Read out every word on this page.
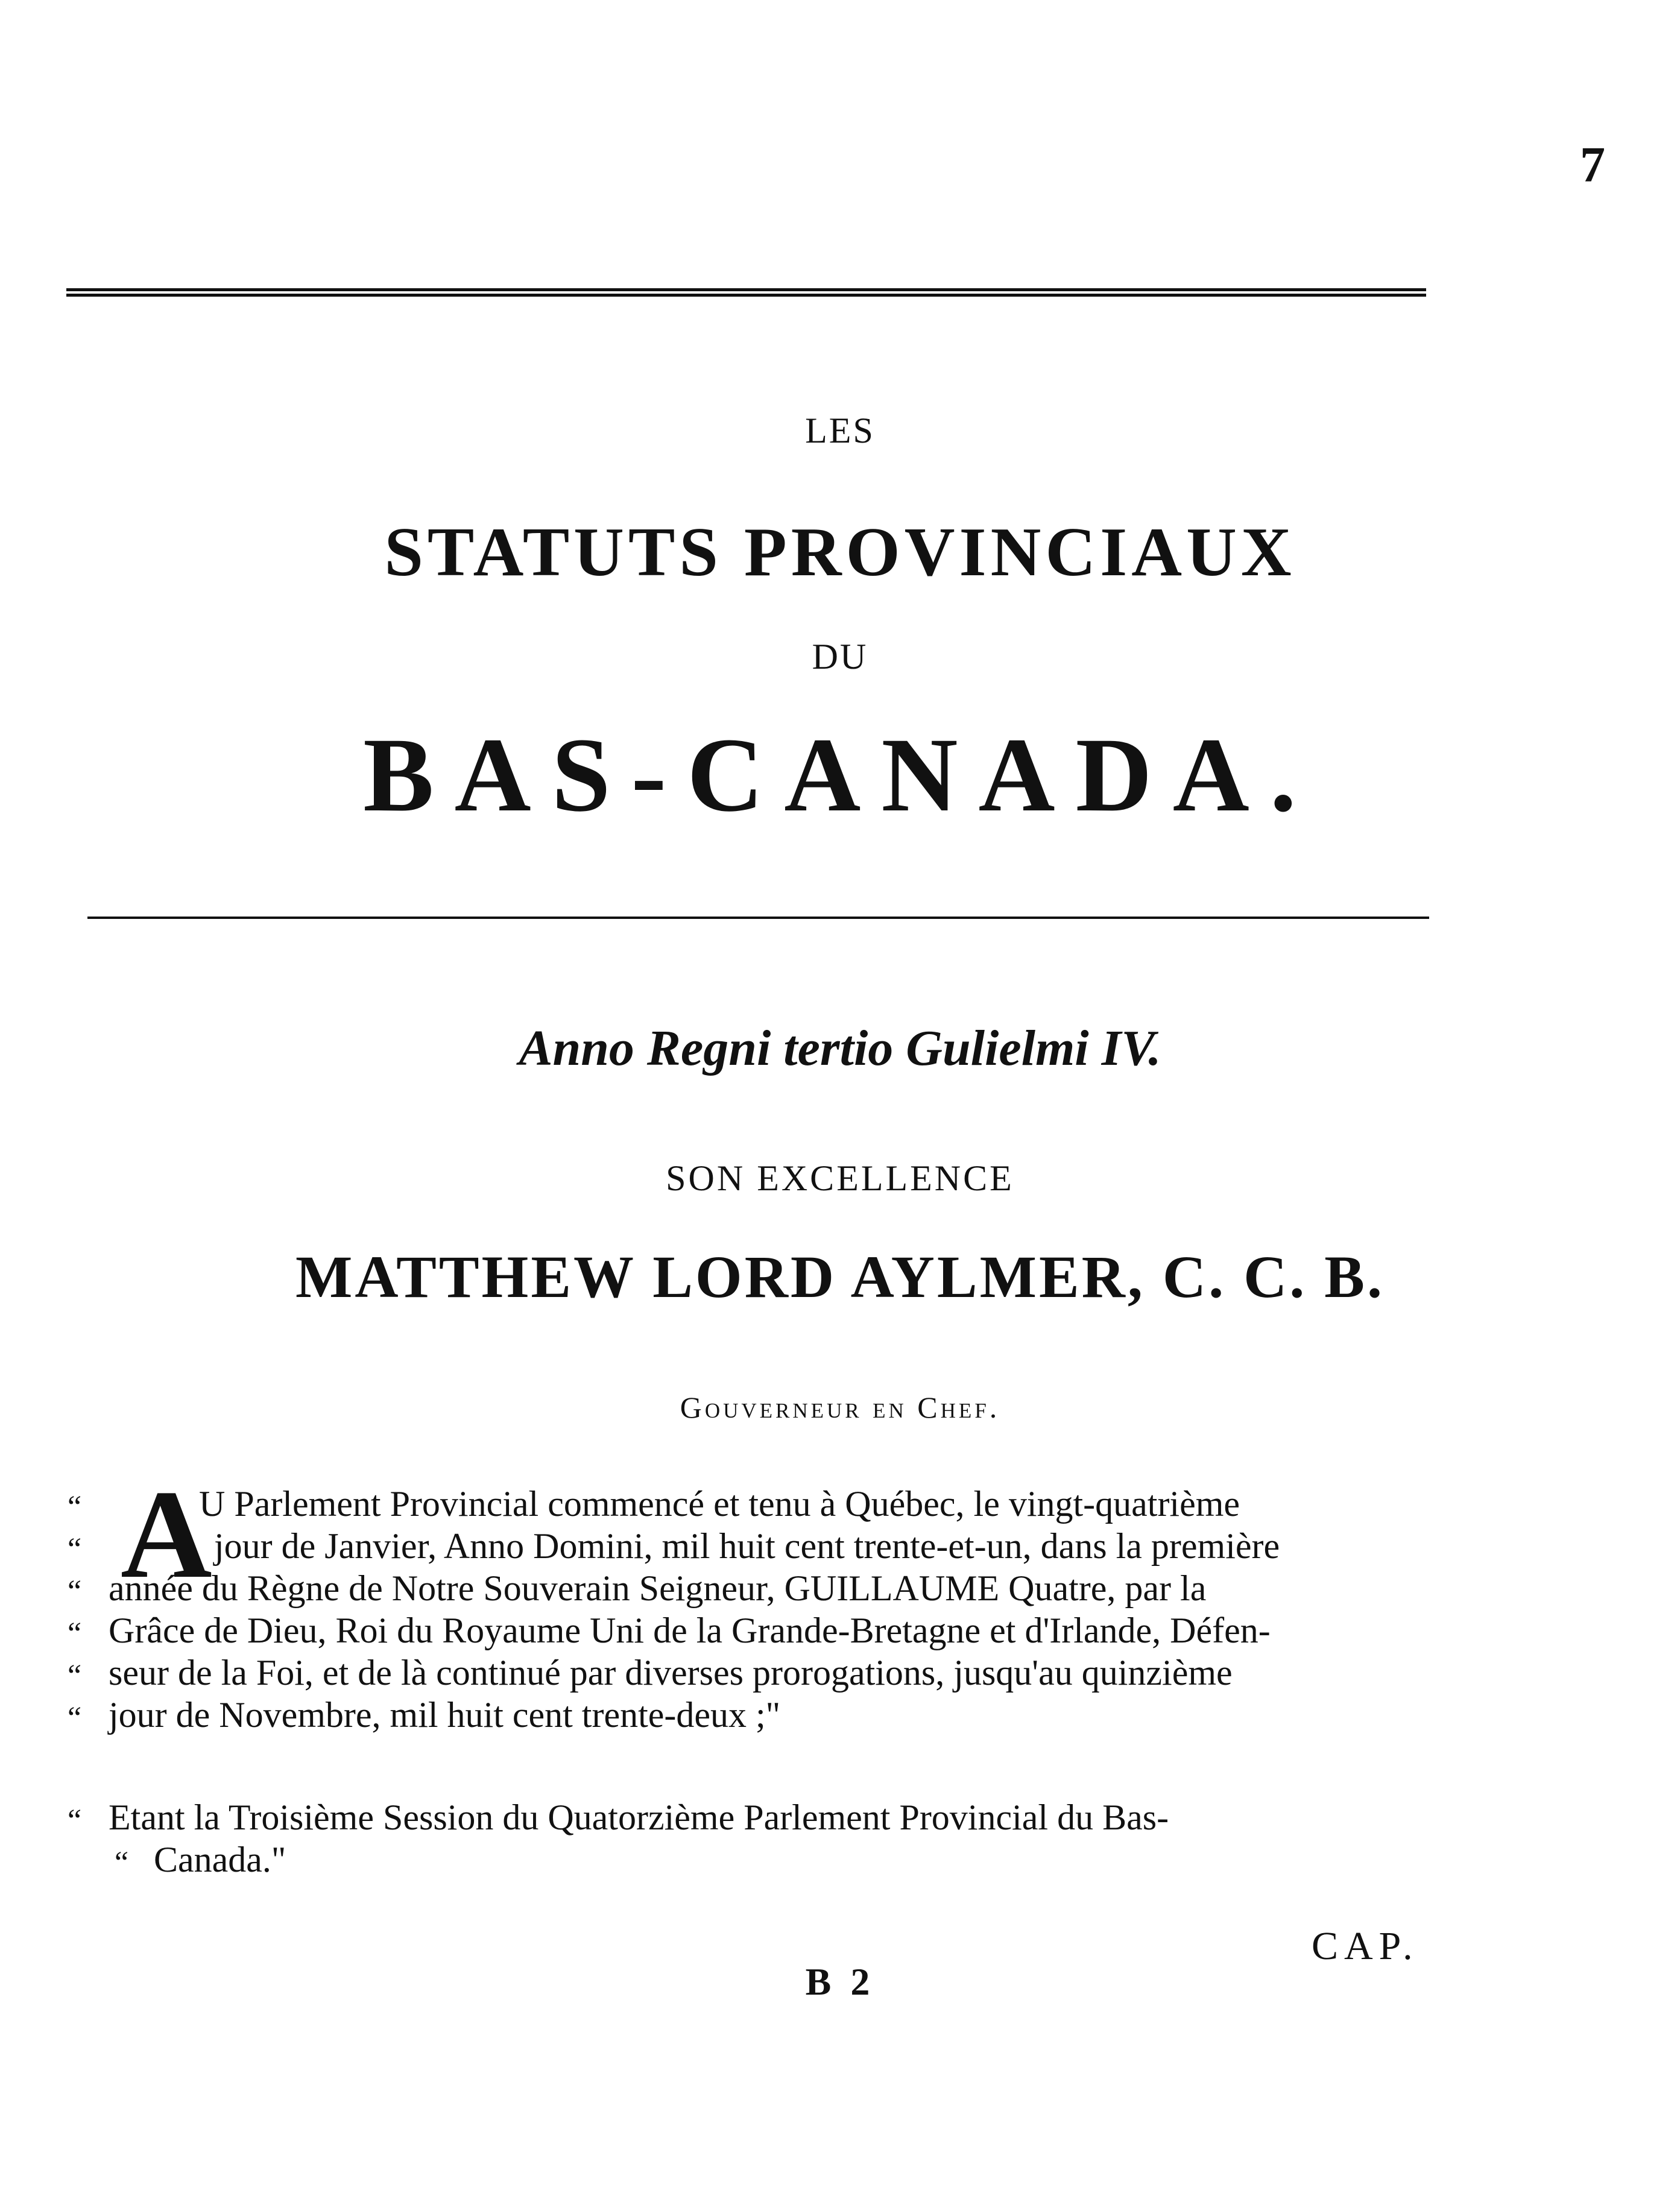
7
LES
STATUTS PROVINCIAUX
DU
BAS-CANADA.
Anno Regni tertio Gulielmi IV.
SON EXCELLENCE
MATTHEW LORD AYLMER, C. C. B.
Gouverneur en Chef.
A
“
“
“
“
“
“
U Parlement Provincial commencé et tenu à Québec, le vingt-quatrième
jour de Janvier, Anno Domini, mil huit cent trente-et-un, dans la première
année du Règne de Notre Souverain Seigneur, GUILLAUME Quatre, par la
Grâce de Dieu, Roi du Royaume Uni de la Grande-Bretagne et d'Irlande, Défen-
seur de la Foi, et de là continué par diverses prorogations, jusqu'au quinzième
jour de Novembre, mil huit cent trente-deux ;"
“
“
Etant la Troisième Session du Quatorzième Parlement Provincial du Bas-
Canada."
CAP.
B 2
